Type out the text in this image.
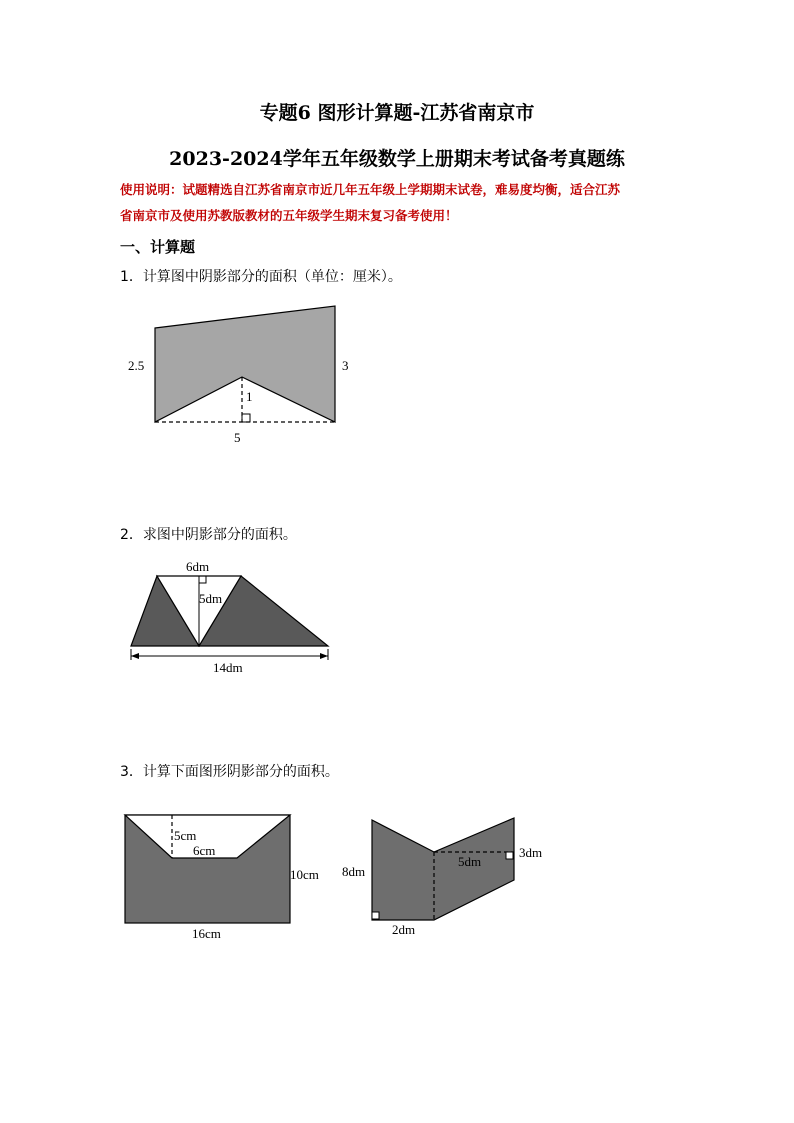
专题6 图形计算题-江苏省南京市
2023-2024学年五年级数学上册期末考试备考真题练
使用说明：试题精选自江苏省南京市近几年五年级上学期期末试卷，难易度均衡，适合江苏
省南京市及使用苏教版教材的五年级学生期末复习备考使用！
一、计算题
1．计算图中阴影部分的面积（单位：厘米）。
2.5	3
1
5
2．求图中阴影部分的面积。
6dm
5dm
14dm
3．计算下面图形阴影部分的面积。
5cm
6cm
10cm
16cm
8dm
5dm
3dm
2dm
